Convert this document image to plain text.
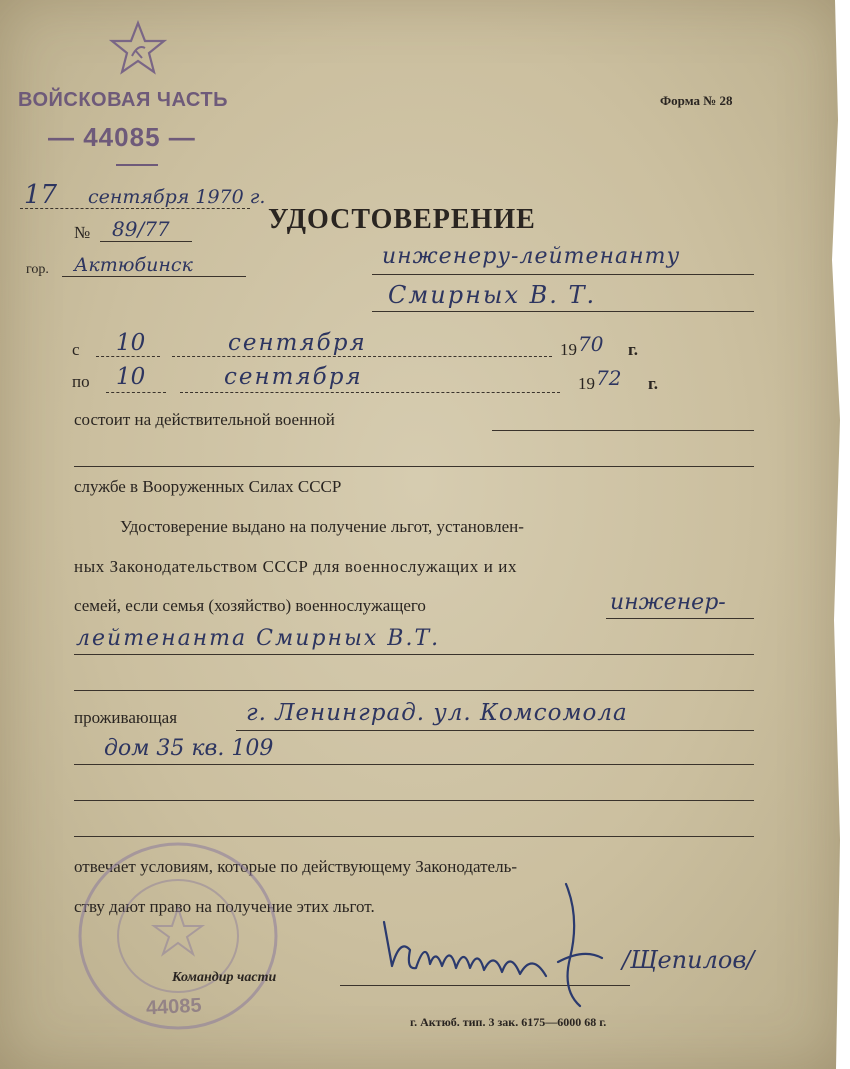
ВОЙСКОВАЯ ЧАСТЬ
— 44085 —
Форма № 28
17 сентября 1970 г.
№ 89/77
гор. Актюбинск
УДОСТОВЕРЕНИЕ
инженеру-лейтенанту
Смирных В. Т.
с 10	сентября	19 70 г.
по 10	сентября	19 72 г.
состоит на действительной военной
службе в Вооруженных Силах СССР
Удостоверение выдано на получение льгот, установлен-
ных Законодательством СССР для военнослужащих и их
семей, если семья (хозяйство) военнослужащего	инженер-
лейтенанта Смирных В.Т.
проживающая	г. Ленинград. ул. Комсомола
дом 35 кв. 109
отвечает условиям, которые по действующему Законодатель-
ству дают право на получение этих льгот.
44085
Командир части
/Щепилов/
г. Актюб. тип. 3 зак. 6175—6000 68 г.
